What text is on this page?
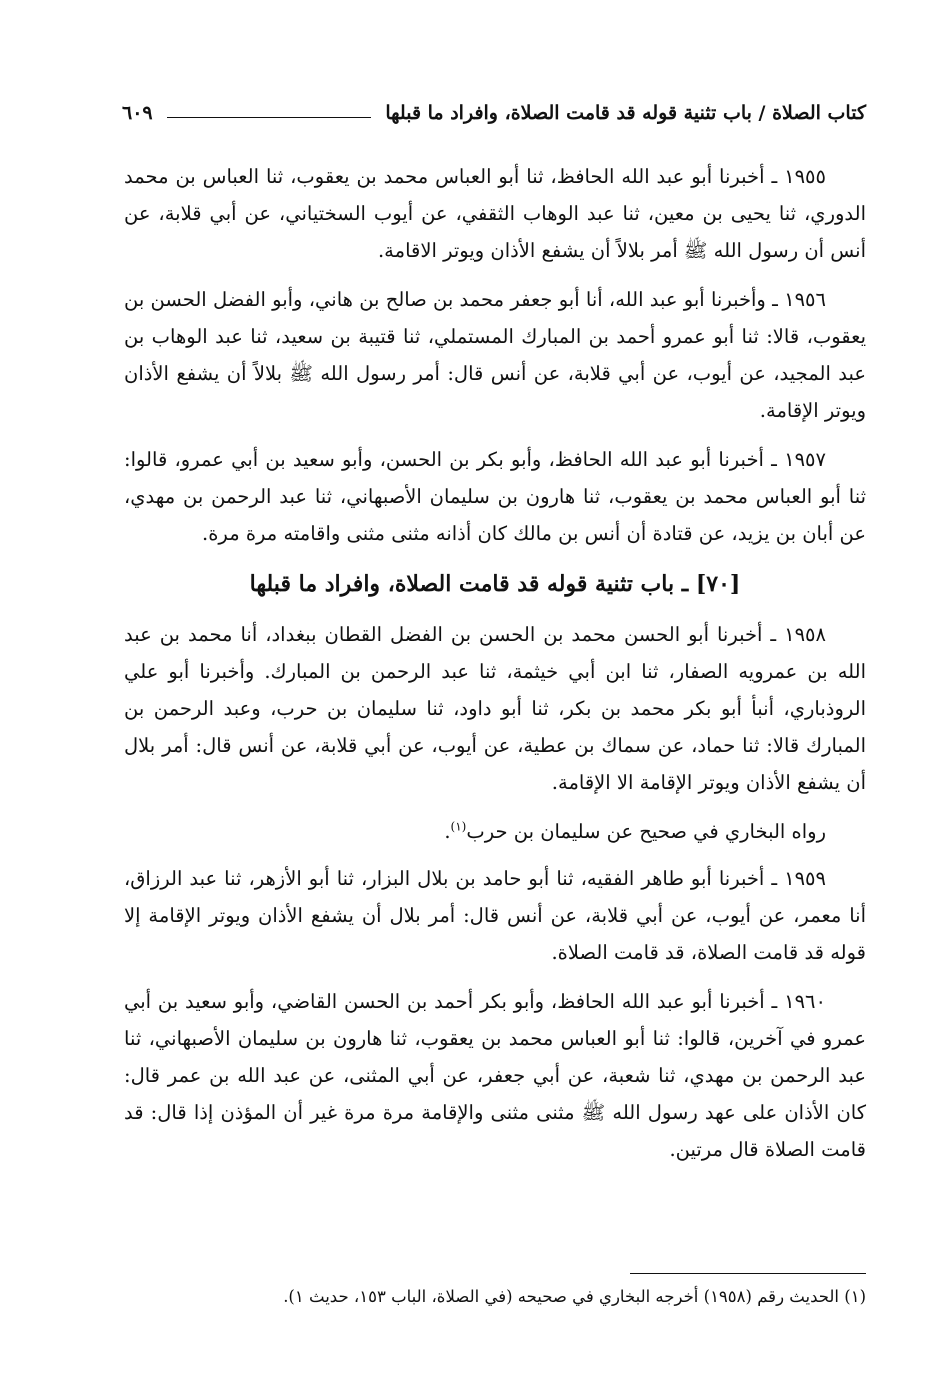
كتاب الصلاة / باب تثنية قوله قد قامت الصلاة، وافراد ما قبلها
٦٠٩

١٩٥٥ ـ أخبرنا أبو عبد الله الحافظ، ثنا أبو العباس محمد بن يعقوب، ثنا العباس بن محمد الدوري، ثنا يحيى بن معين، ثنا عبد الوهاب الثقفي، عن أيوب السختياني، عن أبي قلابة، عن أنس أن رسول الله ﷺ أمر بلالاً أن يشفع الأذان ويوتر الاقامة.

١٩٥٦ ـ وأخبرنا أبو عبد الله، أنا أبو جعفر محمد بن صالح بن هاني، وأبو الفضل الحسن بن يعقوب، قالا: ثنا أبو عمرو أحمد بن المبارك المستملي، ثنا قتيبة بن سعيد، ثنا عبد الوهاب بن عبد المجيد، عن أيوب، عن أبي قلابة، عن أنس قال: أمر رسول الله ﷺ بلالاً أن يشفع الأذان ويوتر الإقامة.

١٩٥٧ ـ أخبرنا أبو عبد الله الحافظ، وأبو بكر بن الحسن، وأبو سعيد بن أبي عمرو، قالوا: ثنا أبو العباس محمد بن يعقوب، ثنا هارون بن سليمان الأصبهاني، ثنا عبد الرحمن بن مهدي، عن أبان بن يزيد، عن قتادة أن أنس بن مالك كان أذانه مثنى مثنى واقامته مرة مرة.

[٧٠] ـ باب تثنية قوله قد قامت الصلاة، وافراد ما قبلها

١٩٥٨ ـ أخبرنا أبو الحسن محمد بن الحسن بن الفضل القطان ببغداد، أنا محمد بن عبد الله بن عمرويه الصفار، ثنا ابن أبي خيثمة، ثنا عبد الرحمن بن المبارك. وأخبرنا أبو علي الروذباري، أنبأ أبو بكر محمد بن بكر، ثنا أبو داود، ثنا سليمان بن حرب، وعبد الرحمن بن المبارك قالا: ثنا حماد، عن سماك بن عطية، عن أيوب، عن أبي قلابة، عن أنس قال: أمر بلال أن يشفع الأذان ويوتر الإقامة الا الإقامة.

رواه البخاري في صحيح عن سليمان بن حرب$^{(١)}$.

١٩٥٩ ـ أخبرنا أبو طاهر الفقيه، ثنا أبو حامد بن بلال البزار، ثنا أبو الأزهر، ثنا عبد الرزاق، أنا معمر، عن أيوب، عن أبي قلابة، عن أنس قال: أمر بلال أن يشفع الأذان ويوتر الإقامة إلا قوله قد قامت الصلاة، قد قامت الصلاة.

١٩٦٠ ـ أخبرنا أبو عبد الله الحافظ، وأبو بكر أحمد بن الحسن القاضي، وأبو سعيد بن أبي عمرو في آخرين، قالوا: ثنا أبو العباس محمد بن يعقوب، ثنا هارون بن سليمان الأصبهاني، ثنا عبد الرحمن بن مهدي، ثنا شعبة، عن أبي جعفر، عن أبي المثنى، عن عبد الله بن عمر قال: كان الأذان على عهد رسول الله ﷺ مثنى مثنى والإقامة مرة مرة غير أن المؤذن إذا قال: قد قامت الصلاة قال مرتين.

(١) الحديث رقم (١٩٥٨) أخرجه البخاري في صحيحه (في الصلاة، الباب ١٥٣، حديث ١).
